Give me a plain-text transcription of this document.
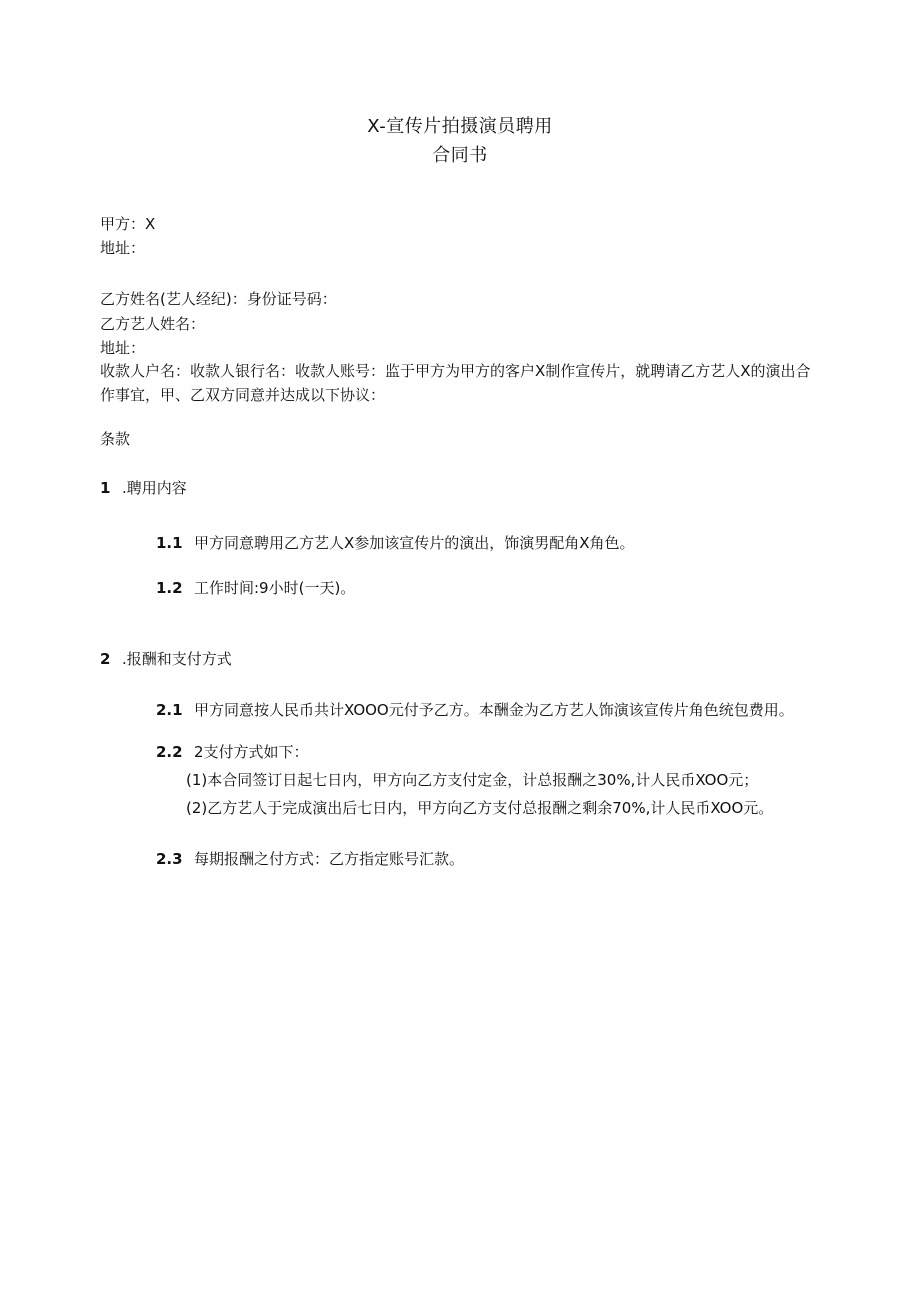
X-宣传片拍摄演员聘用
合同书
甲方：X
地址：
乙方姓名(艺人经纪)：身份证号码：
乙方艺人姓名：
地址：
收款人户名：收款人银行名：收款人账号：监于甲方为甲方的客户X制作宣传片，就聘请乙方艺人X的演出合作事宜，甲、乙双方同意并达成以下协议：
条款
1 .聘用内容
1.1 甲方同意聘用乙方艺人X参加该宣传片的演出，饰演男配角X角色。
1.2 工作时间:9小时(一天)。
2 .报酬和支付方式
2.1 甲方同意按人民币共计XOOO元付予乙方。本酬金为乙方艺人饰演该宣传片角色统包费用。
2.2 2支付方式如下：
(1)本合同签订日起七日内，甲方向乙方支付定金，计总报酬之30%,计人民币XOO元；
(2)乙方艺人于完成演出后七日内，甲方向乙方支付总报酬之剩余70%,计人民币XOO元。
2.3 每期报酬之付方式：乙方指定账号汇款。
